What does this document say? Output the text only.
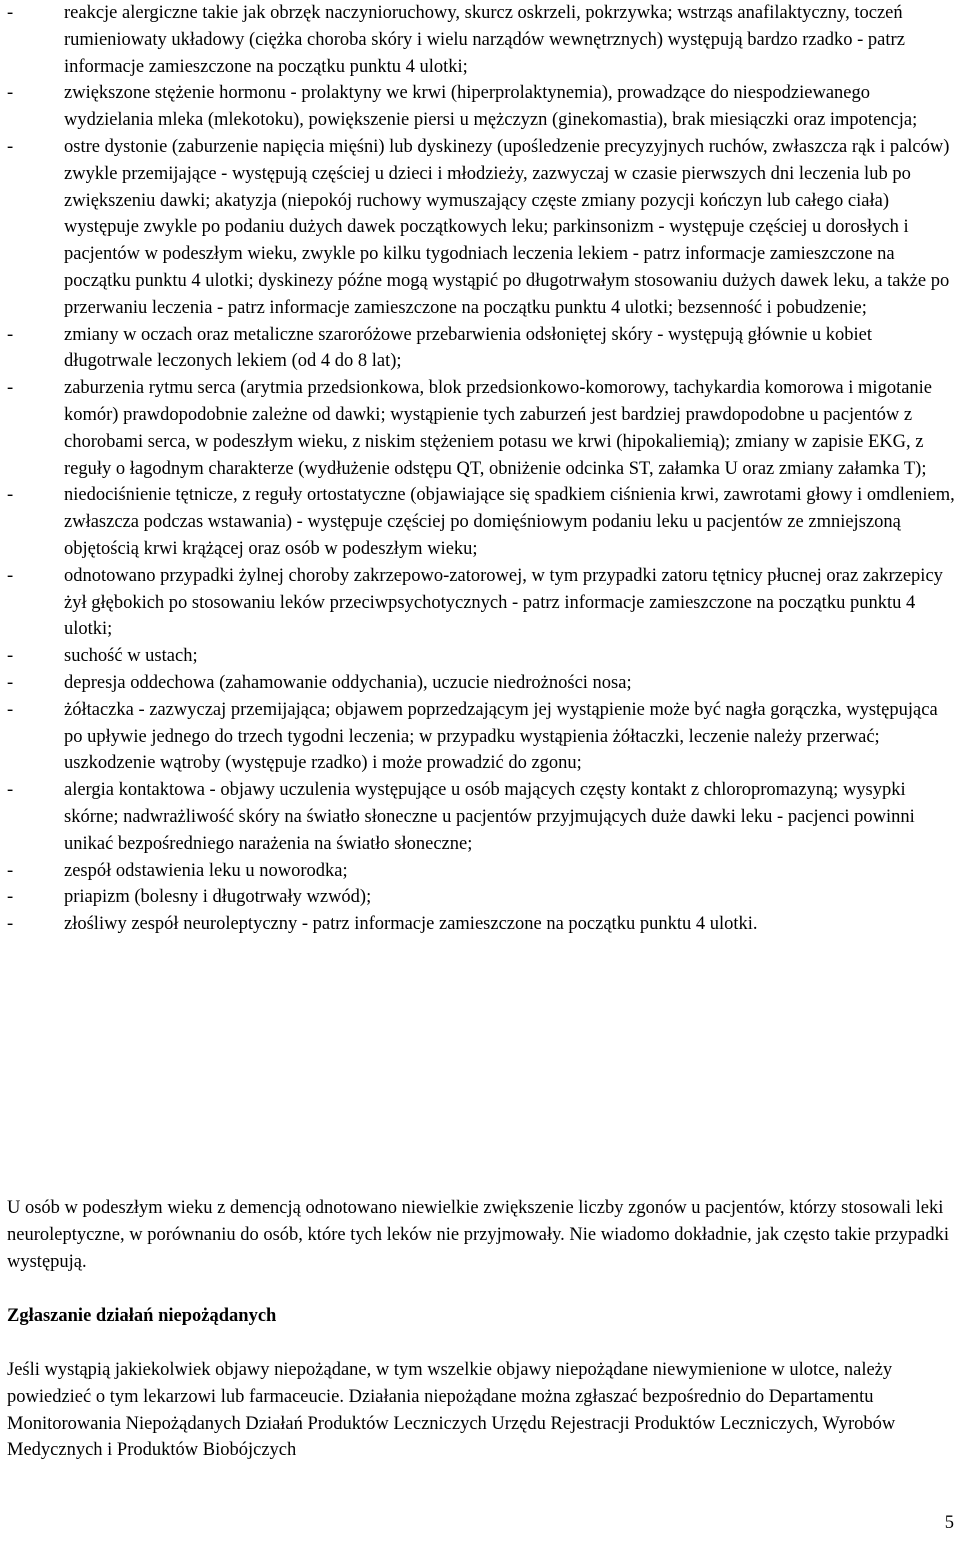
-	reakcje alergiczne takie jak obrzęk naczynioruchowy, skurcz oskrzeli, pokrzywka; wstrząs anafilaktyczny, toczeń rumieniowaty układowy (ciężka choroba skóry i wielu narządów wewnętrznych) występują bardzo rzadko - patrz informacje zamieszczone na początku punktu 4 ulotki;
-	zwiększone stężenie hormonu - prolaktyny we krwi (hiperprolaktynemia), prowadzące do niespodziewanego wydzielania mleka (mlekotoku), powiększenie piersi u mężczyzn (ginekomastia), brak miesiączki oraz impotencja;
-	ostre dystonie (zaburzenie napięcia mięśni) lub dyskinezy (upośledzenie precyzyjnych ruchów, zwłaszcza rąk i palców) zwykle przemijające - występują częściej u dzieci i młodzieży, zazwyczaj w czasie pierwszych dni leczenia lub po zwiększeniu dawki; akatyzja (niepokój ruchowy wymuszający częste zmiany pozycji kończyn lub całego ciała) występuje zwykle po podaniu dużych dawek początkowych leku; parkinsonizm - występuje częściej u dorosłych i pacjentów w podeszłym wieku, zwykle po kilku tygodniach leczenia lekiem - patrz informacje zamieszczone na początku punktu 4 ulotki; dyskinezy późne mogą wystąpić po długotrwałym stosowaniu dużych dawek leku, a także po przerwaniu leczenia - patrz informacje zamieszczone na początku punktu 4 ulotki; bezsenność i pobudzenie;
-	zmiany w oczach oraz metaliczne szaroróżowe przebarwienia odsłoniętej skóry - występują głównie u kobiet długotrwale leczonych lekiem (od 4 do 8 lat);
-	zaburzenia rytmu serca (arytmia przedsionkowa, blok przedsionkowo-komorowy, tachykardia komorowa i migotanie komór) prawdopodobnie zależne od dawki; wystąpienie tych zaburzeń jest bardziej prawdopodobne u pacjentów z chorobami serca, w podeszłym wieku, z niskim stężeniem potasu we krwi (hipokaliemią); zmiany w zapisie EKG, z reguły o łagodnym charakterze (wydłużenie odstępu QT, obniżenie odcinka ST, załamka U oraz zmiany załamka T);
-	niedociśnienie tętnicze, z reguły ortostatyczne (objawiające się spadkiem ciśnienia krwi, zawrotami głowy i omdleniem, zwłaszcza podczas wstawania) - występuje częściej po domięśniowym podaniu leku u pacjentów ze zmniejszoną objętością krwi krążącej oraz osób w podeszłym wieku;
-	odnotowano przypadki żylnej choroby zakrzepowo-zatorowej, w tym przypadki zatoru tętnicy płucnej oraz zakrzepicy żył głębokich po stosowaniu leków przeciwpsychotycznych - patrz informacje zamieszczone na początku punktu 4 ulotki;
-	suchość w ustach;
-	depresja oddechowa (zahamowanie oddychania), uczucie niedrożności nosa;
-	żółtaczka - zazwyczaj przemijająca; objawem poprzedzającym jej wystąpienie może być nagła gorączka, występująca po upływie jednego do trzech tygodni leczenia; w przypadku wystąpienia żółtaczki, leczenie należy przerwać; uszkodzenie wątroby (występuje rzadko) i może prowadzić do zgonu;
-	alergia kontaktowa - objawy uczulenia występujące u osób mających częsty kontakt z chloropromazyną; wysypki skórne; nadwrażliwość skóry na światło słoneczne u pacjentów przyjmujących duże dawki leku - pacjenci powinni unikać bezpośredniego narażenia na światło słoneczne;
-	zespół odstawienia leku u noworodka;
-	priapizm (bolesny i długotrwały wzwód);
-	złośliwy zespół neuroleptyczny - patrz informacje zamieszczone na początku punktu 4 ulotki.

U osób w podeszłym wieku z demencją odnotowano niewielkie zwiększenie liczby zgonów u pacjentów, którzy stosowali leki neuroleptyczne, w porównaniu do osób, które tych leków nie przyjmowały. Nie wiadomo dokładnie, jak często takie przypadki występują.

Zgłaszanie działań niepożądanych

Jeśli wystąpią jakiekolwiek objawy niepożądane, w tym wszelkie objawy niepożądane niewymienione w ulotce, należy powiedzieć o tym lekarzowi lub farmaceucie. Działania niepożądane można zgłaszać bezpośrednio do Departamentu Monitorowania Niepożądanych Działań Produktów Leczniczych Urzędu Rejestracji Produktów Leczniczych, Wyrobów Medycznych i Produktów Biobójczych

5
